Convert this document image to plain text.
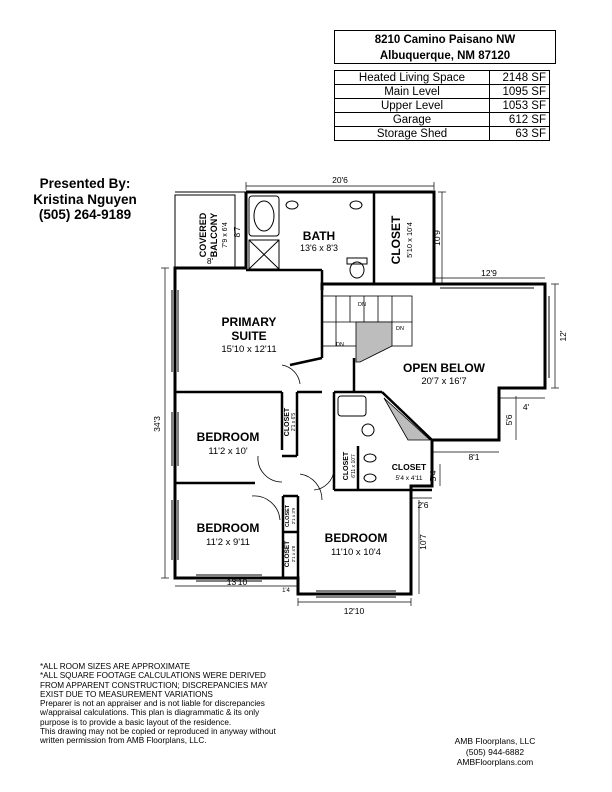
8210 Camino Paisano NW
Albuquerque, NM 87120
Heated Living Space	2148 SF
Main Level	1095 SF
Upper Level	1053 SF
Garage	612 SF
Storage Shed	63 SF
Presented By:
Kristina Nguyen
(505) 264-9189	COVERED BALCONY 7'9 x 6'4	BATH
13'6 x 8'3	CLOSET 5'10 x 10'4
PRIMARY
SUITE
15'10 x 12'11
OPEN BELOW
20'7 x 16'7
BEDROOM
11'2 x 10'
BEDROOM
11'2 x 9'11	BEDROOM
11'10 x 10'4
CLOSET 2'1 x 6'5
CLOSET 6'11 x 10'7	CLOSET
5'4 x 4'11
CLOSET 2'1 x 3'9
CLOSET 2'1 x 4'8
DN
DN
DN
20'6
8'7
8'
10'9
12'9
12'
4'
5'6
8'1
5'4
2'6
10'7
34'3
13'10
1'4
12'10
*ALL ROOM SIZES ARE APPROXIMATE
*ALL SQUARE FOOTAGE CALCULATIONS WERE DERIVED FROM APPARENT CONSTRUCTION; DISCREPANCIES MAY EXIST DUE TO MEASUREMENT VARIATIONS
Preparer is not an appraiser and is not liable for discrepancies w/appraisal calculations. This plan is diagrammatic & its only purpose is to provide a basic layout of the residence.
This drawing may not be copied or reproduced in anyway without written permission from AMB Floorplans, LLC.	AMB Floorplans, LLC
(505) 944-6882
AMBFloorplans.com
